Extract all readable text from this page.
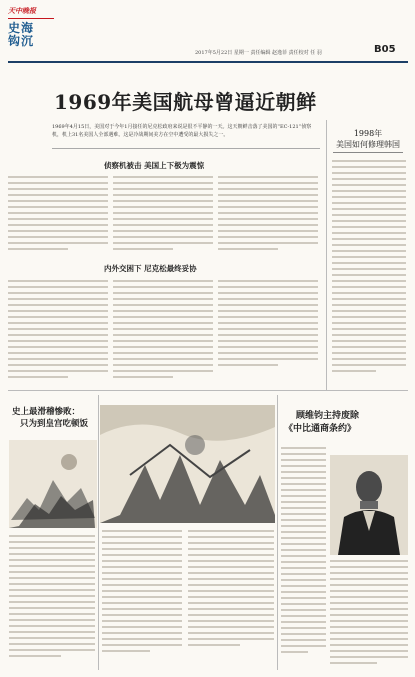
天中晚报
史海
钩沉
2017年5月22日 星期一 责任编辑 赵逸菲 责任校对 任 羽	B05
1969年美国航母曾逼近朝鲜
1969年4月15日，美国对于今年1月接任的尼克松政府来说是很不平静的一天。这天朝鲜击落了美国的“EC-121”侦察机，机上31名美国人全部遇难。这是冷战期间美方在空中遭受的最大损失之一。	1998年
美国如何修理韩国
侦察机被击 美国上下极为震惊
内外交困下 尼克松最终妥协
史上最滑稽惨败：
只为到皇宫吃顿饭
顾维钧主持废除
《中比通商条约》
